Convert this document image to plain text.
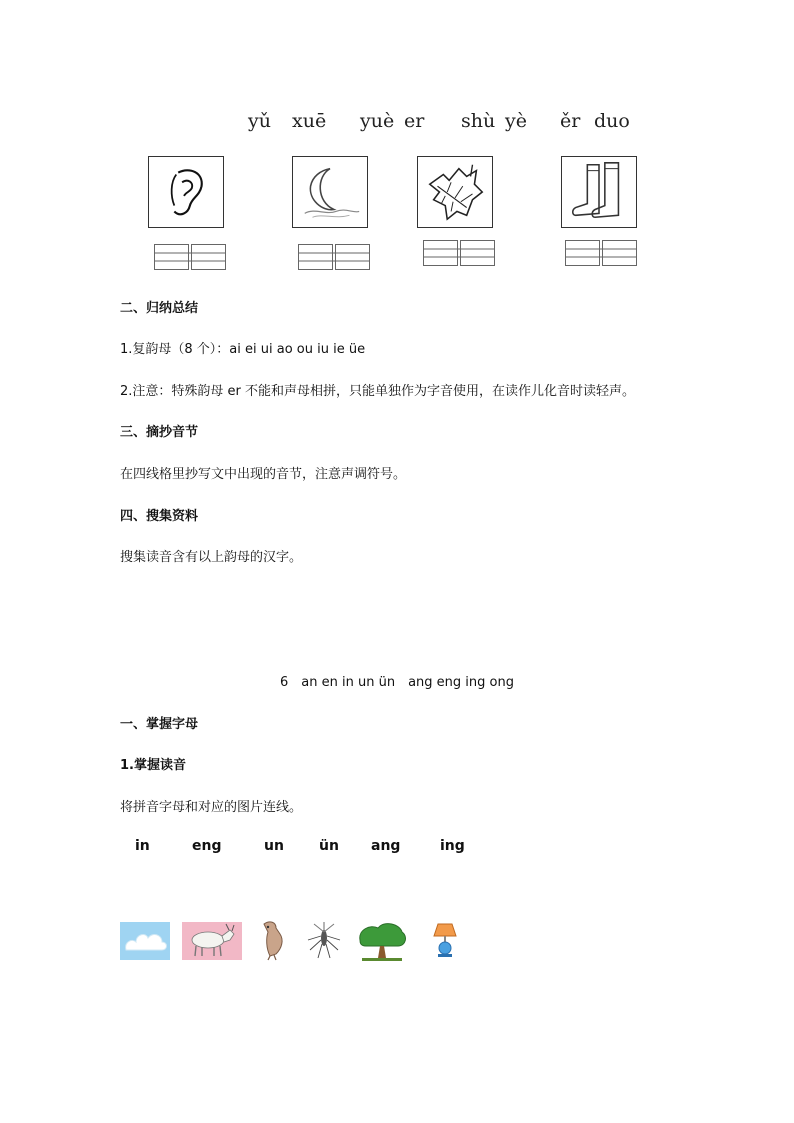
yǔ xuē yuè er shù yè ěr duo
二、归纳总结
1.复韵母（8 个）：ai ei ui ao ou iu ie üe
2.注意：特殊韵母 er 不能和声母相拼，只能单独作为字音使用，在读作儿化音时读轻声。
三、摘抄音节
在四线格里抄写文中出现的音节，注意声调符号。
四、搜集资料
搜集读音含有以上韵母的汉字。
6　an en in un ün　ang eng ing ong
一、掌握字母
1.掌握读音
将拼音字母和对应的图片连线。
in	eng	un	ün ang	ing
